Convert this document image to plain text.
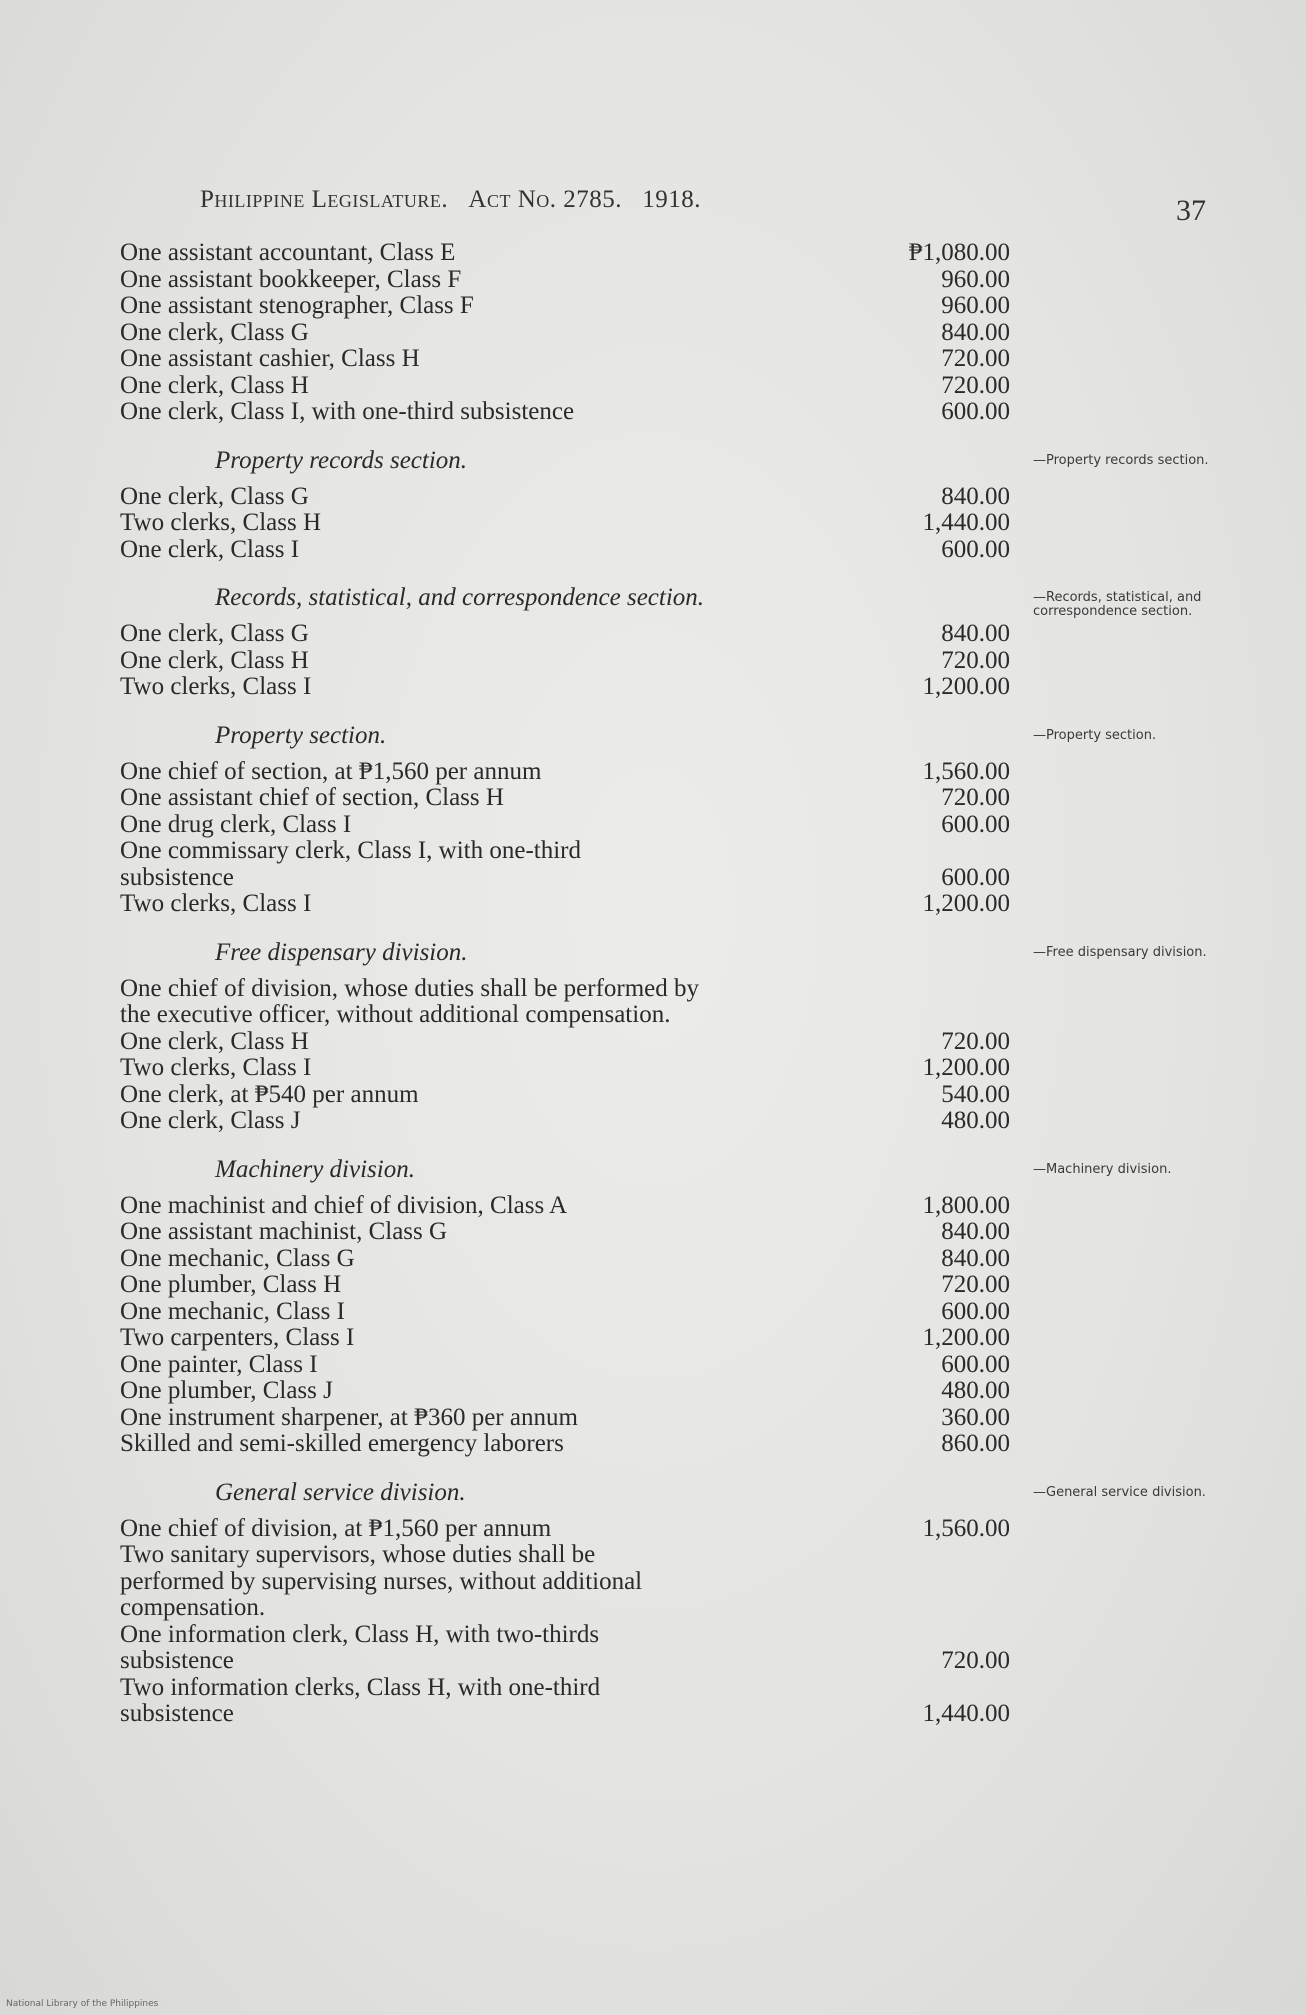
Philippine Legislature. Act No. 2785. 1918.	37
One assistant accountant, Class E	₱1,080.00
One assistant bookkeeper, Class F	960.00
One assistant stenographer, Class F	960.00
One clerk, Class G	840.00
One assistant cashier, Class H	720.00
One clerk, Class H	720.00
One clerk, Class I, with one-third subsistence	600.00
Property records section.	—Property records section.
One clerk, Class G	840.00
Two clerks, Class H	1,440.00
One clerk, Class I	600.00
Records, statistical, and correspondence section.	—Records, statistical, and correspondence section.
One clerk, Class G	840.00
One clerk, Class H	720.00
Two clerks, Class I	1,200.00
Property section.	—Property section.
One chief of section, at ₱1,560 per annum	1,560.00
One assistant chief of section, Class H	720.00
One drug clerk, Class I	600.00
One commissary clerk, Class I, with one-third subsistence	600.00
Two clerks, Class I	1,200.00
Free dispensary division.	—Free dispensary division.
One chief of division, whose duties shall be performed by the executive officer, without additional compensation.
One clerk, Class H	720.00
Two clerks, Class I	1,200.00
One clerk, at ₱540 per annum	540.00
One clerk, Class J	480.00
Machinery division.	—Machinery division.
One machinist and chief of division, Class A	1,800.00
One assistant machinist, Class G	840.00
One mechanic, Class G	840.00
One plumber, Class H	720.00
One mechanic, Class I	600.00
Two carpenters, Class I	1,200.00
One painter, Class I	600.00
One plumber, Class J	480.00
One instrument sharpener, at ₱360 per annum	360.00
Skilled and semi-skilled emergency laborers	860.00
General service division.	—General service division.
One chief of division, at ₱1,560 per annum	1,560.00
Two sanitary supervisors, whose duties shall be performed by supervising nurses, without additional compensation.
One information clerk, Class H, with two-thirds subsistence	720.00
Two information clerks, Class H, with one-third subsistence	1,440.00
National Library of the Philippines
